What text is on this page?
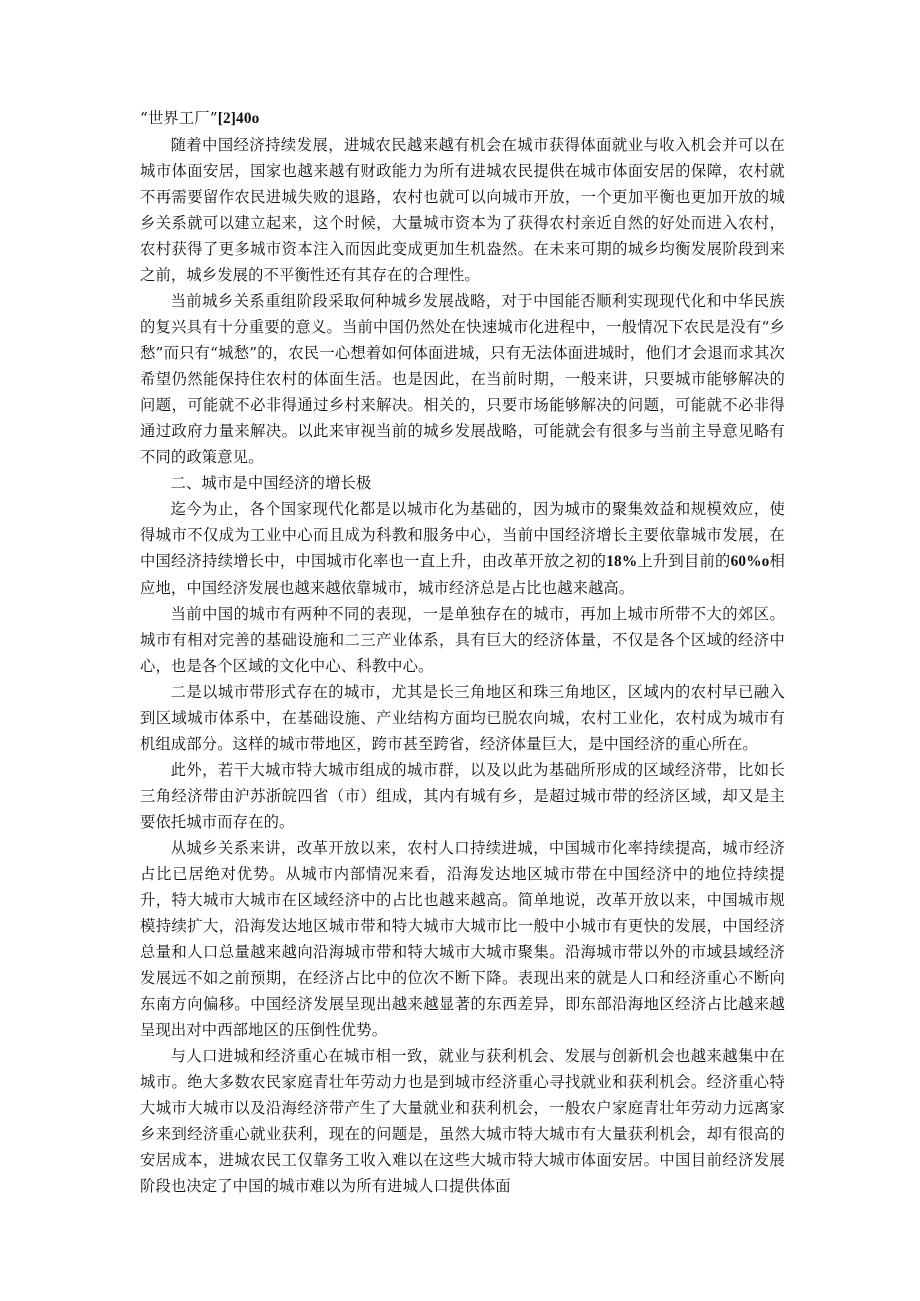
“世界工厂”[2]40o

随着中国经济持续发展，进城农民越来越有机会在城市获得体面就业与收入机会并可以在城市体面安居，国家也越来越有财政能力为所有进城农民提供在城市体面安居的保障，农村就不再需要留作农民进城失败的退路，农村也就可以向城市开放，一个更加平衡也更加开放的城乡关系就可以建立起来，这个时候，大量城市资本为了获得农村亲近自然的好处而进入农村，农村获得了更多城市资本注入而因此变成更加生机盎然。在未来可期的城乡均衡发展阶段到来之前，城乡发展的不平衡性还有其存在的合理性。

当前城乡关系重组阶段采取何种城乡发展战略，对于中国能否顺利实现现代化和中华民族的复兴具有十分重要的意义。当前中国仍然处在快速城市化进程中，一般情况下农民是没有“乡愁”而只有“城愁”的，农民一心想着如何体面进城，只有无法体面进城时，他们才会退而求其次希望仍然能保持住农村的体面生活。也是因此，在当前时期，一般来讲，只要城市能够解决的问题，可能就不必非得通过乡村来解决。相关的，只要市场能够解决的问题，可能就不必非得通过政府力量来解决。以此来审视当前的城乡发展战略，可能就会有很多与当前主导意见略有不同的政策意见。

二、城市是中国经济的增长极

迄今为止，各个国家现代化都是以城市化为基础的，因为城市的聚集效益和规模效应，使得城市不仅成为工业中心而且成为科教和服务中心，当前中国经济增长主要依靠城市发展，在中国经济持续增长中，中国城市化率也一直上升，由改革开放之初的18%上升到目前的60%o相应地，中国经济发展也越来越依靠城市，城市经济总是占比也越来越高。

当前中国的城市有两种不同的表现，一是单独存在的城市，再加上城市所带不大的郊区。城市有相对完善的基础设施和二三产业体系，具有巨大的经济体量，不仅是各个区域的经济中心，也是各个区域的文化中心、科教中心。

二是以城市带形式存在的城市，尤其是长三角地区和珠三角地区，区域内的农村早已融入到区域城市体系中，在基础设施、产业结构方面均已脱农向城，农村工业化，农村成为城市有机组成部分。这样的城市带地区，跨市甚至跨省，经济体量巨大，是中国经济的重心所在。

此外，若干大城市特大城市组成的城市群，以及以此为基础所形成的区域经济带，比如长三角经济带由沪苏浙皖四省（市）组成，其内有城有乡，是超过城市带的经济区域，却又是主要依托城市而存在的。

从城乡关系来讲，改革开放以来，农村人口持续进城，中国城市化率持续提高，城市经济占比已居绝对优势。从城市内部情况来看，沿海发达地区城市带在中国经济中的地位持续提升，特大城市大城市在区域经济中的占比也越来越高。简单地说，改革开放以来，中国城市规模持续扩大，沿海发达地区城市带和特大城市大城市比一般中小城市有更快的发展，中国经济总量和人口总量越来越向沿海城市带和特大城市大城市聚集。沿海城市带以外的市域县域经济发展远不如之前预期，在经济占比中的位次不断下降。表现出来的就是人口和经济重心不断向东南方向偏移。中国经济发展呈现出越来越显著的东西差异，即东部沿海地区经济占比越来越呈现出对中西部地区的压倒性优势。

与人口进城和经济重心在城市相一致，就业与获利机会、发展与创新机会也越来越集中在城市。绝大多数农民家庭青壮年劳动力也是到城市经济重心寻找就业和获利机会。经济重心特大城市大城市以及沿海经济带产生了大量就业和获利机会，一般农户家庭青壮年劳动力远离家乡来到经济重心就业获利，现在的问题是，虽然大城市特大城市有大量获利机会，却有很高的安居成本，进城农民工仅靠务工收入难以在这些大城市特大城市体面安居。中国目前经济发展阶段也决定了中国的城市难以为所有进城人口提供体面
